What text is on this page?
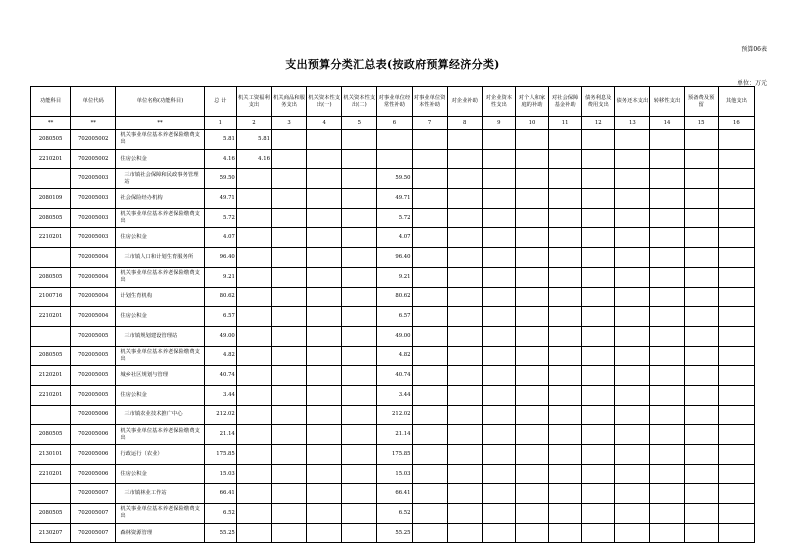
预算06表
支出预算分类汇总表(按政府预算经济分类)
单位：万元
功能科目	单位代码	单位名称(功能科目)	总 计	机关工资福利支出	机关商品和服务支出	机关资本性支出(一)	机关资本性支出(二)	对事业单位经常性补助	对事业单位资本性补助	对企业补助	对企业资本性支出	对个人和家庭的补助	对社会保障基金补助	债务利息及费用支出	债务还本支出	转移性支出	预备费及预留	其他支出
**	**	**	1	2	3	4	5	6	7	8	9	10	11	12	13	14	15	16
2080505	702005002	机关事业单位基本养老保险缴费支出	5.81	5.81														
2210201	702005002	住房公积金	4.16	4.16														
	702005003	三市镇社会保障和民政事务管理站	59.50					59.50										
2080109	702005003	社会保险经办机构	49.71					49.71										
2080505	702005003	机关事业单位基本养老保险缴费支出	5.72					5.72										
2210201	702005003	住房公积金	4.07					4.07										
	702005004	三市镇人口和计划生育服务所	96.40					96.40										
2080505	702005004	机关事业单位基本养老保险缴费支出	9.21					9.21										
2100716	702005004	计划生育机构	80.62					80.62										
2210201	702005004	住房公积金	6.57					6.57										
	702005005	三市镇规划建设管理站	49.00					49.00										
2080505	702005005	机关事业单位基本养老保险缴费支出	4.82					4.82										
2120201	702005005	城乡社区规划与管理	40.74					40.74										
2210201	702005005	住房公积金	3.44					3.44										
	702005006	三市镇农业技术推广中心	212.02					212.02										
2080505	702005006	机关事业单位基本养老保险缴费支出	21.14					21.14										
2130101	702005006	行政运行（农业）	175.85					175.85										
2210201	702005006	住房公积金	15.03					15.03										
	702005007	三市镇林业工作站	66.41					66.41										
2080505	702005007	机关事业单位基本养老保险缴费支出	6.52					6.52										
2130207	702005007	森林资源管理	55.25					55.25										
